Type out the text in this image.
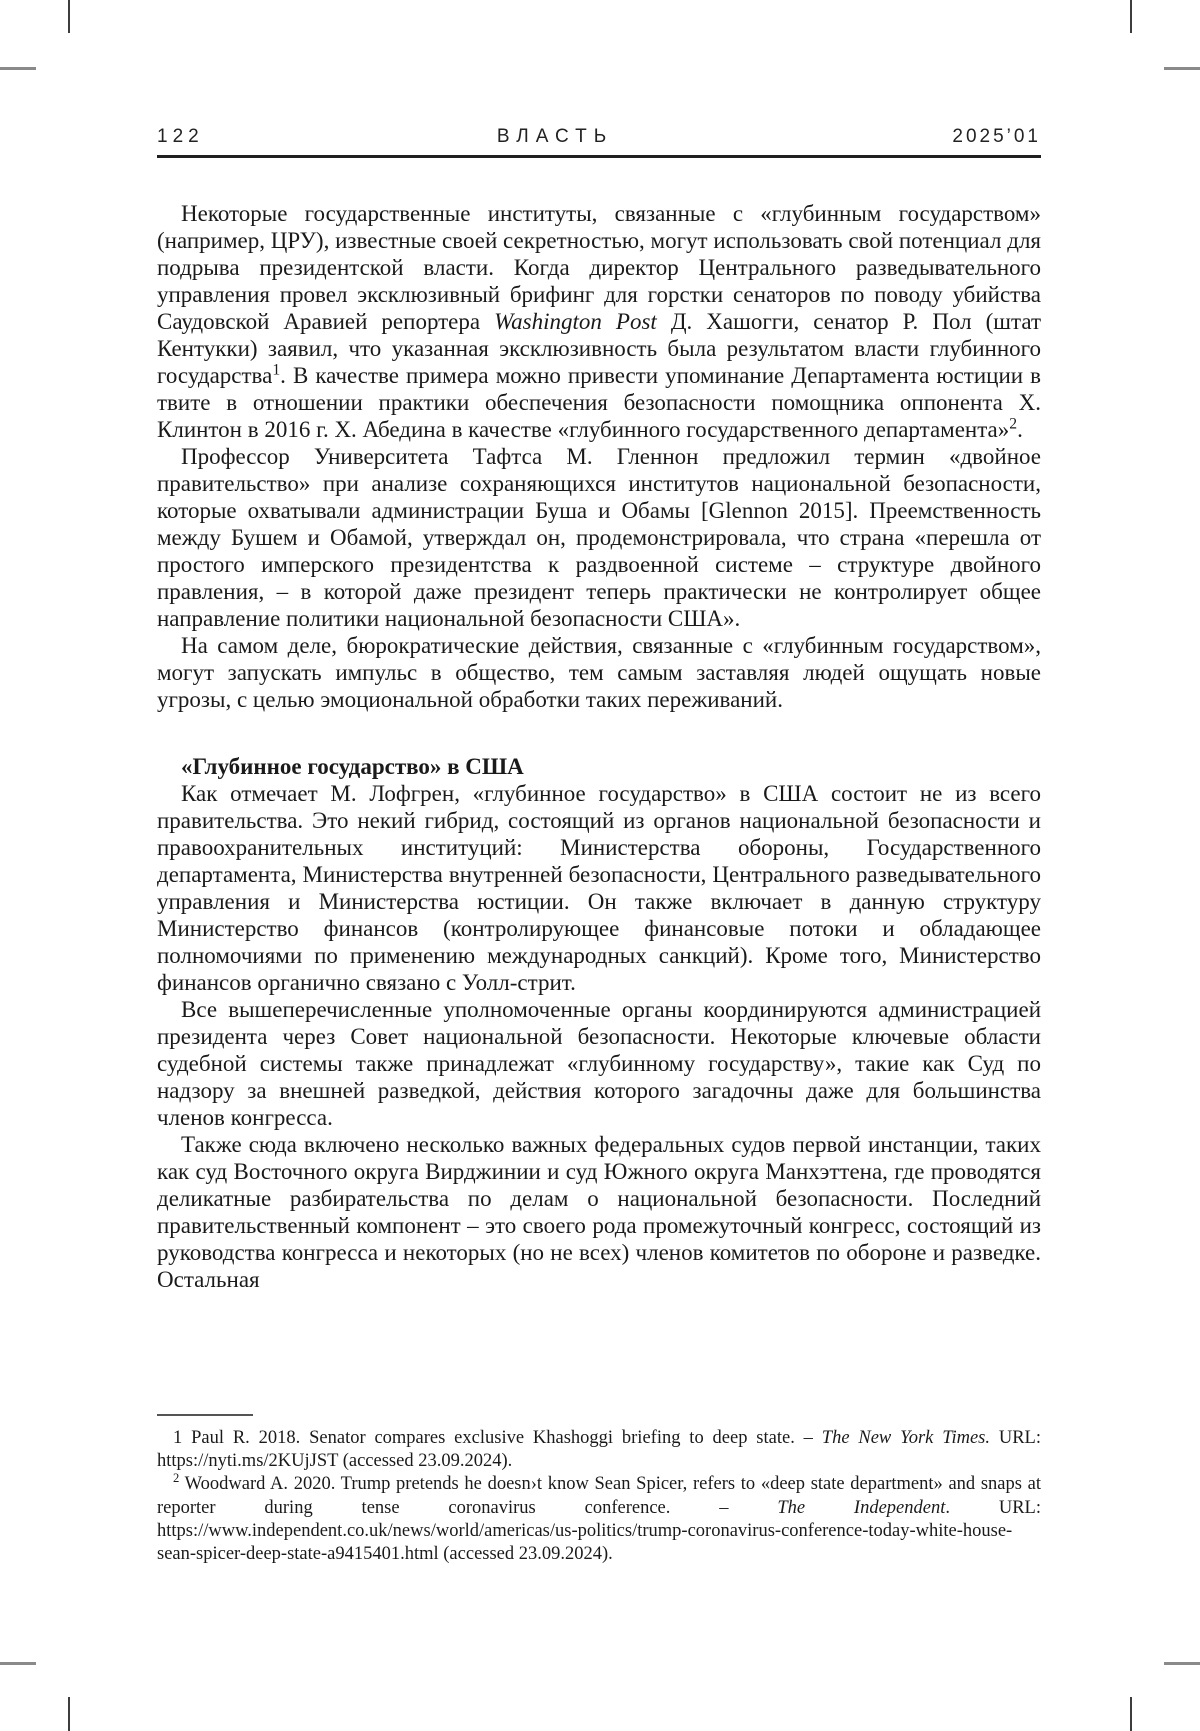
122	ВЛАСТЬ	2025’01

Некоторые государственные институты, связанные с «глубинным государством» (например, ЦРУ), известные своей секретностью, могут использовать свой потенциал для подрыва президентской власти. Когда директор Центрального разведывательного управления провел эксклюзивный брифинг для горстки сенаторов по поводу убийства Саудовской Аравией репортера Washington Post Д. Хашогги, сенатор Р. Пол (штат Кентукки) заявил, что указанная эксклюзивность была результатом власти глубинного государства$^1$. В качестве примера можно привести упоминание Департамента юстиции в твите в отношении практики обеспечения безопасности помощника оппонента Х. Клинтон в 2016 г. Х. Абедина в качестве «глубинного государственного департамента»$^2$.

Профессор Университета Тафтса М. Гленнон предложил термин «двойное правительство» при анализе сохраняющихся институтов национальной безопасности, которые охватывали администрации Буша и Обамы [Glennon 2015]. Преемственность между Бушем и Обамой, утверждал он, продемонстрировала, что страна «перешла от простого имперского президентства к раздвоенной системе – структуре двойного правления, – в которой даже президент теперь практически не контролирует общее направление политики национальной безопасности США».

На самом деле, бюрократические действия, связанные с «глубинным государством», могут запускать импульс в общество, тем самым заставляя людей ощущать новые угрозы, с целью эмоциональной обработки таких переживаний.

«Глубинное государство» в США

Как отмечает М. Лофгрен, «глубинное государство» в США состоит не из всего правительства. Это некий гибрид, состоящий из органов национальной безопасности и правоохранительных институций: Министерства обороны, Государственного департамента, Министерства внутренней безопасности, Центрального разведывательного управления и Министерства юстиции. Он также включает в данную структуру Министерство финансов (контролирующее финансовые потоки и обладающее полномочиями по применению международных санкций). Кроме того, Министерство финансов органично связано с Уолл-стрит.

Все вышеперечисленные уполномоченные органы координируются администрацией президента через Совет национальной безопасности. Некоторые ключевые области судебной системы также принадлежат «глубинному государству», такие как Суд по надзору за внешней разведкой, действия которого загадочны даже для большинства членов конгресса.

Также сюда включено несколько важных федеральных судов первой инстанции, таких как суд Восточного округа Вирджинии и суд Южного округа Манхэттена, где проводятся деликатные разбирательства по делам о национальной безопасности. Последний правительственный компонент – это своего рода промежуточный конгресс, состоящий из руководства конгресса и некоторых (но не всех) членов комитетов по обороне и разведке. Остальная

1 Paul R. 2018. Senator compares exclusive Khashoggi briefing to deep state. – The New York Times. URL: https://nyti.ms/2KUjJST (accessed 23.09.2024).

$^2$ Woodward A. 2020. Trump pretends he doesn›t know Sean Spicer, refers to «deep state department» and snaps at reporter during tense coronavirus conference. – The Independent. URL: https://www.independent.co.uk/news/world/americas/us-politics/trump-coronavirus-conference-today-white-house-sean-spicer-deep-state-a9415401.html (accessed 23.09.2024).
